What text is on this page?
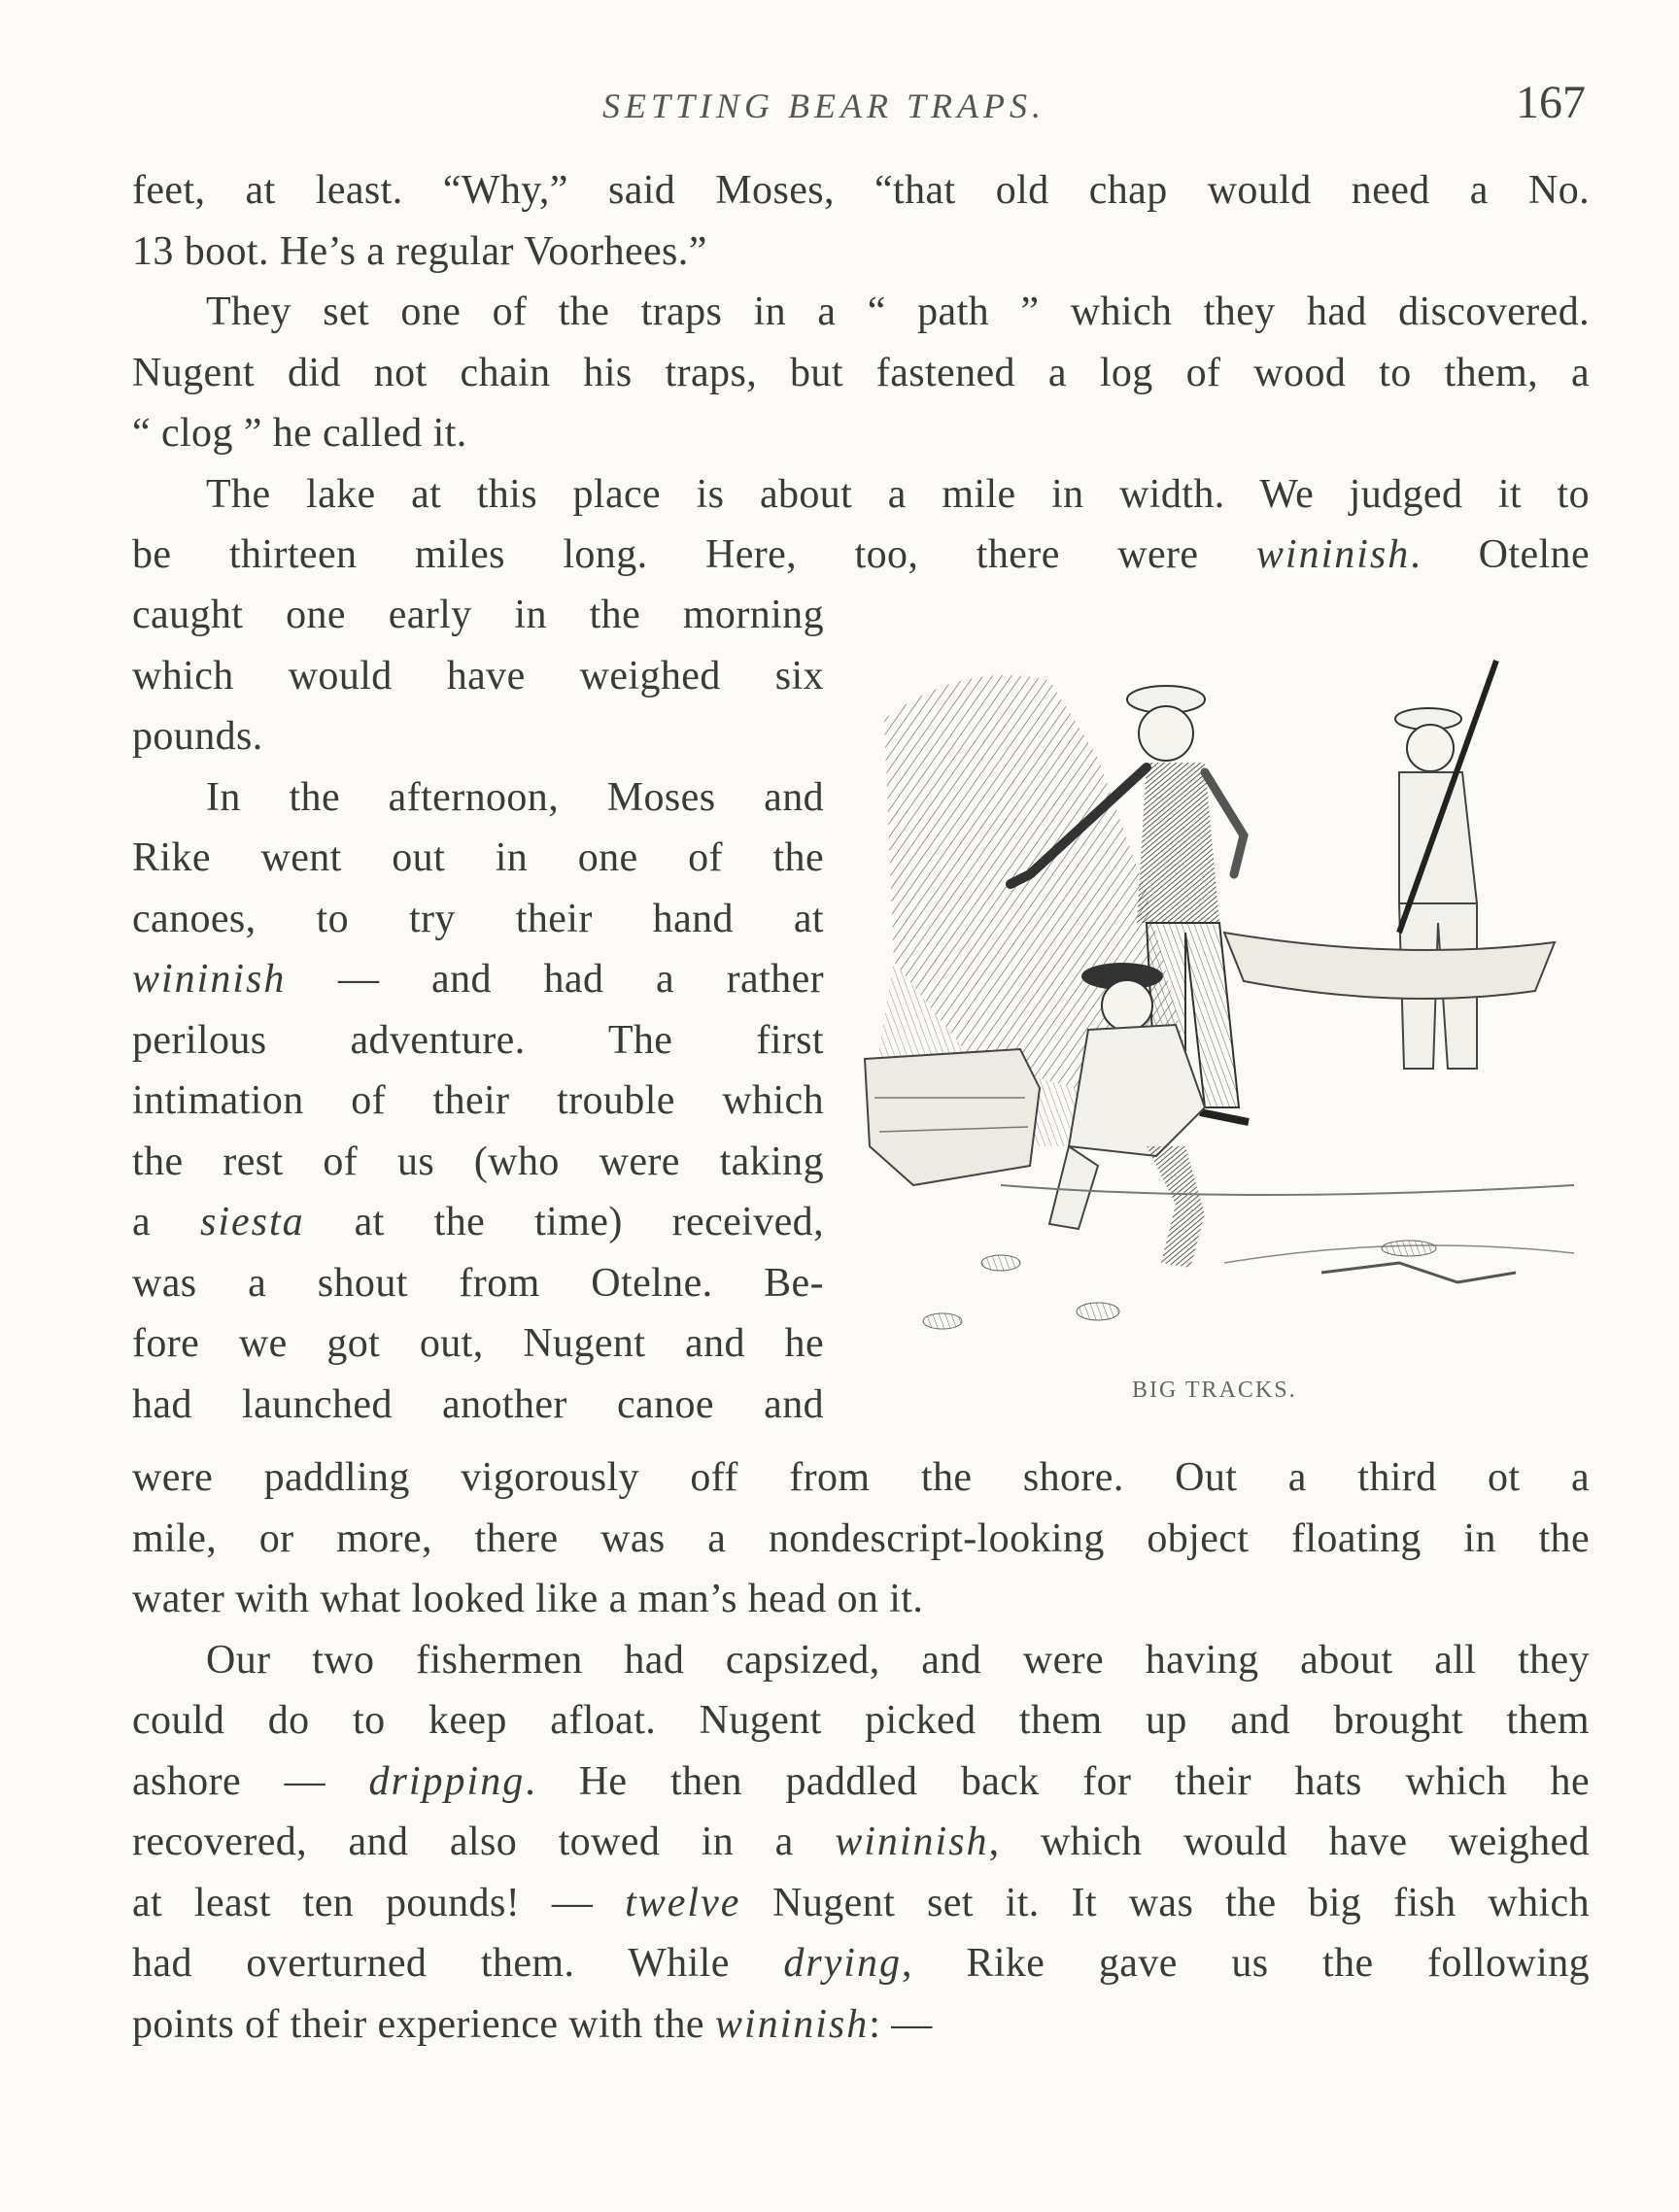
SETTING BEAR TRAPS.	167
feet, at least. “Why,” said Moses, “that old chap would need a No.
13 boot. He’s a regular Voorhees.”
They set one of the traps in a “ path ” which they had discovered.
Nugent did not chain his traps, but fastened a log of wood to them, a
“ clog ” he called it.
The lake at this place is about a mile in width. We judged it to
be thirteen miles long. Here, too, there were wininish. Otelne
caught one early in the morning
which would have weighed six
pounds.
In the afternoon, Moses and
Rike went out in one of the
canoes, to try their hand at
wininish — and had a rather
perilous adventure. The first
intimation of their trouble which
the rest of us (who were taking
a siesta at the time) received,
was a shout from Otelne. Be-
fore we got out, Nugent and he
had launched another canoe and	BIG TRACKS.
were paddling vigorously off from the shore. Out a third ot a
mile, or more, there was a nondescript-looking object floating in the
water with what looked like a man’s head on it.
Our two fishermen had capsized, and were having about all they
could do to keep afloat. Nugent picked them up and brought them
ashore — dripping. He then paddled back for their hats which he
recovered, and also towed in a wininish, which would have weighed
at least ten pounds! — twelve Nugent set it. It was the big fish which
had overturned them. While drying, Rike gave us the following
points of their experience with the wininish: —
